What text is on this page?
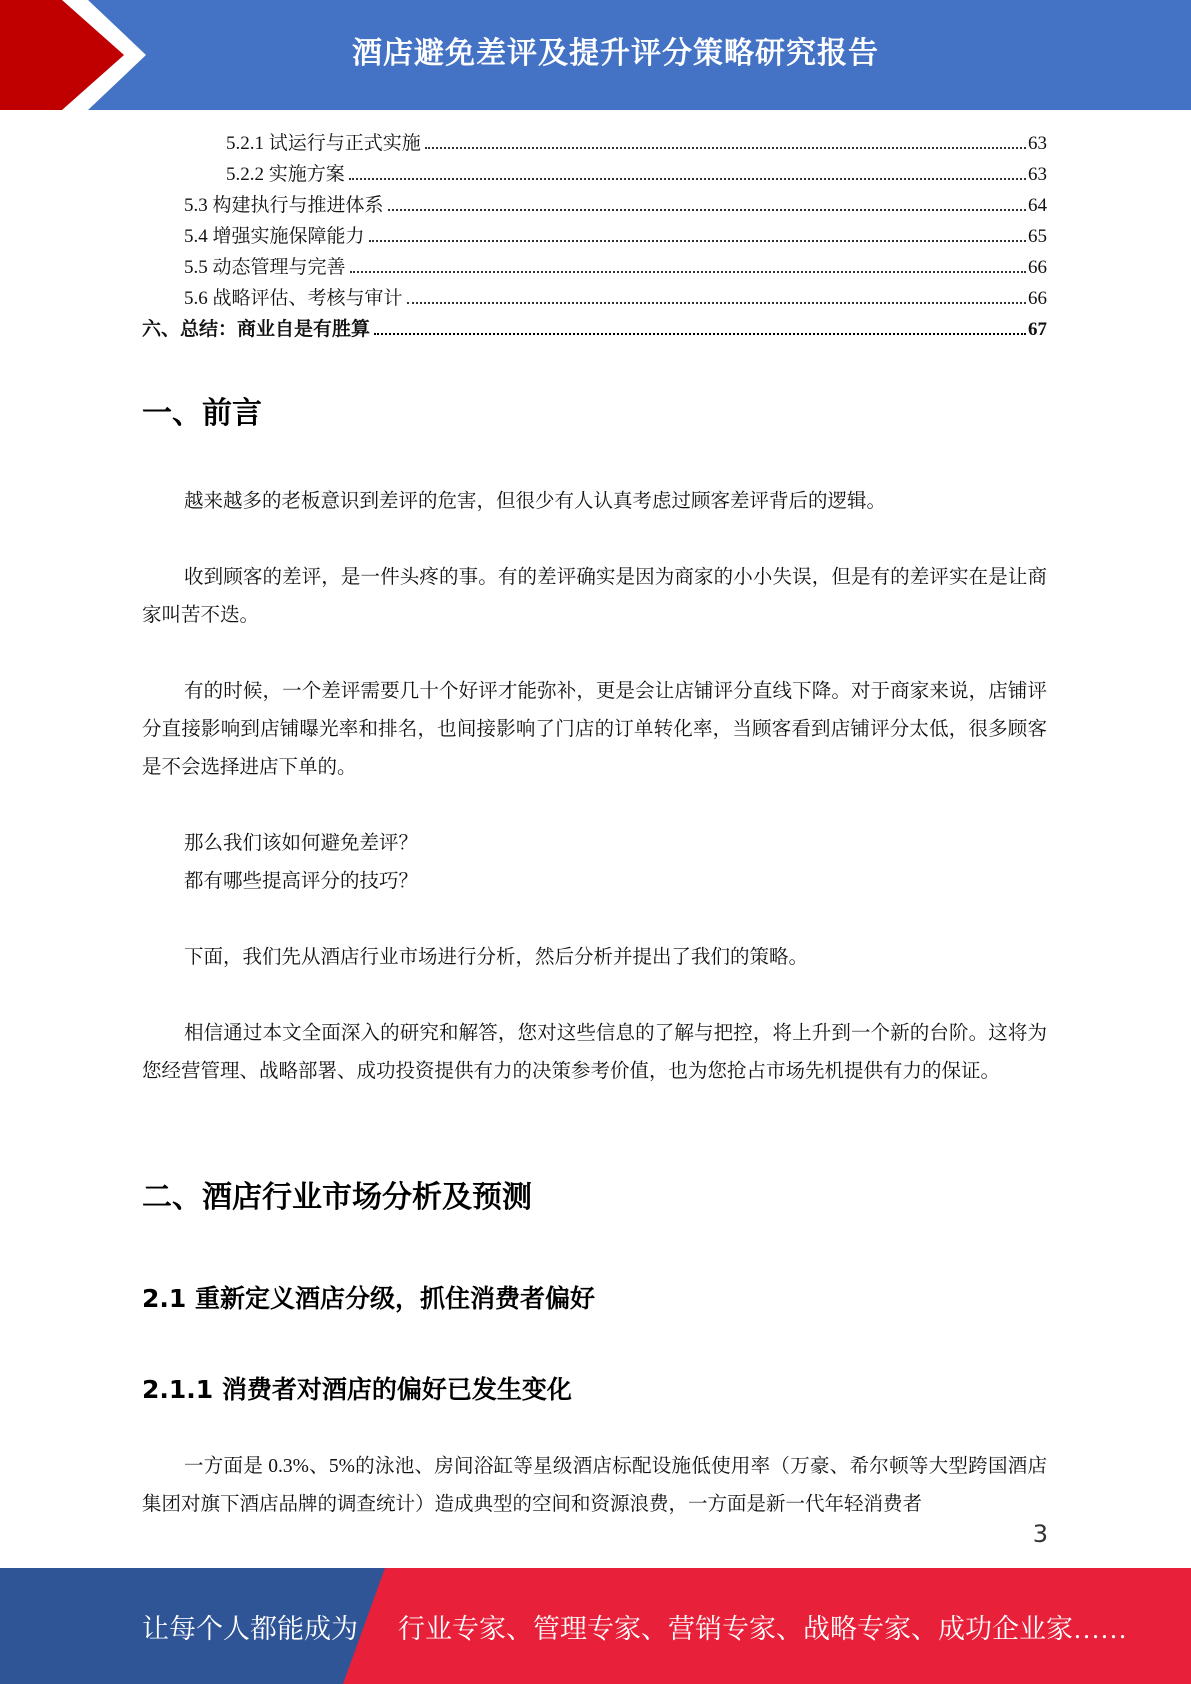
酒店避免差评及提升评分策略研究报告
5.2.1 试运行与正式实施	63
5.2.2 实施方案	63
5.3 构建执行与推进体系	64
5.4 增强实施保障能力	65
5.5 动态管理与完善	66
5.6 战略评估、考核与审计	66
六、总结：商业自是有胜算	67
一、前言
越来越多的老板意识到差评的危害，但很少有人认真考虑过顾客差评背后的逻辑。
收到顾客的差评，是一件头疼的事。有的差评确实是因为商家的小小失误，但是有的差评实在是让商家叫苦不迭。
有的时候，一个差评需要几十个好评才能弥补，更是会让店铺评分直线下降。对于商家来说，店铺评分直接影响到店铺曝光率和排名，也间接影响了门店的订单转化率，当顾客看到店铺评分太低，很多顾客是不会选择进店下单的。
那么我们该如何避免差评？
都有哪些提高评分的技巧？
下面，我们先从酒店行业市场进行分析，然后分析并提出了我们的策略。
相信通过本文全面深入的研究和解答，您对这些信息的了解与把控，将上升到一个新的台阶。这将为您经营管理、战略部署、成功投资提供有力的决策参考价值，也为您抢占市场先机提供有力的保证。
二、酒店行业市场分析及预测
2.1 重新定义酒店分级，抓住消费者偏好
2.1.1 消费者对酒店的偏好已发生变化
一方面是 0.3%、5%的泳池、房间浴缸等星级酒店标配设施低使用率（万豪、希尔顿等大型跨国酒店集团对旗下酒店品牌的调查统计）造成典型的空间和资源浪费，一方面是新一代年轻消费者
3
让每个人都能成为 行业专家、管理专家、营销专家、战略专家、成功企业家……
